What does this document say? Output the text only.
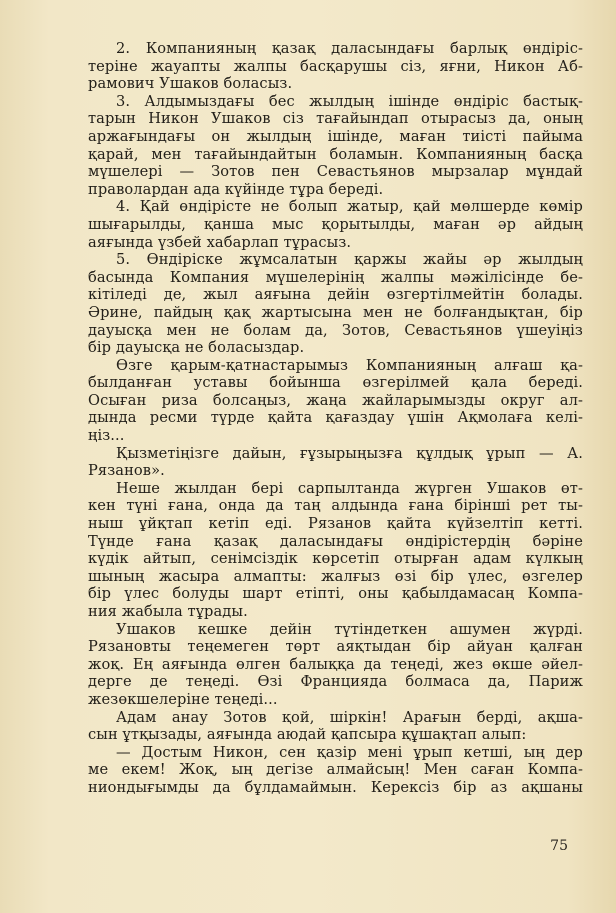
2. Компанияның қазақ даласындағы барлық өндіріс-
теріне жауапты жалпы басқарушы сіз, яғни, Никон Аб-
рамович Ушаков боласыз.
3. Алдымыздағы бес жылдың ішінде өндіріс бастық-
тарын Никон Ушаков сіз тағайындап отырасыз да, оның
аржағындағы он жылдың ішінде, маған тиісті пайыма
қарай, мен тағайындайтын боламын. Компанияның басқа
мүшелері — Зотов пен Севастьянов мырзалар мұндай
праволардан ада күйінде тұра береді.
4. Қай өндірісте не болып жатыр, қай мөлшерде көмір
шығарылды, қанша мыс қорытылды, маған әр айдың
аяғында үзбей хабарлап тұрасыз.
5. Өндіріске жұмсалатын қаржы жайы әр жылдың
басында Компания мүшелерінің жалпы мәжілісінде бе-
кітіледі де, жыл аяғына дейін өзгертілмейтін болады.
Әрине, пайдың қақ жартысына мен не болғандықтан, бір
дауысқа мен не болам да, Зотов, Севастьянов үшеуіңіз
бір дауысқа не боласыздар.
Өзге қарым-қатнастарымыз Компанияның алғаш қа-
былданған уставы бойынша өзгерілмей қала береді.
Осыған риза болсаңыз, жаңа жайларымызды округ ал-
дында ресми түрде қайта қағаздау үшін Ақмолаға келі-
ңіз...
Қызметіңізге дайын, ғұзырыңызға құлдық ұрып — А.
Рязанов».
Неше жылдан бері сарпылтанда жүрген Ушаков өт-
кен түні ғана, онда да таң алдында ғана бірінші рет ты-
ныш ұйқтап кетіп еді. Рязанов қайта күйзелтіп кетті.
Түнде ғана қазақ даласындағы өндірістердің бәріне
күдік айтып, сенімсіздік көрсетіп отырған адам күлкың
шының жасыра алмапты: жалғыз өзі бір үлес, өзгелер
бір үлес болуды шарт етіпті, оны қабылдамасаң Компа-
ния жабыла тұрады.
Ушаков кешке дейін түтіндеткен ашумен жүрді.
Рязановты теңемеген төрт аяқтыдан бір айуан қалған
жоқ. Ең аяғында өлген балыққа да теңеді, жез өкше әйел-
дерге де теңеді. Өзі Францияда болмаса да, Париж
жезөкшелеріне теңеді...
Адам анау Зотов қой, шіркін! Арағын берді, ақша-
сын ұтқызады, аяғында аюдай қапсыра құшақтап алып:
— Достым Никон, сен қазір мені ұрып кетші, ың дер
ме екем! Жоқ, ың дегізе алмайсың! Мен саған Компа-
ниондығымды да бұлдамаймын. Керексіз бір аз ақшаны
75
